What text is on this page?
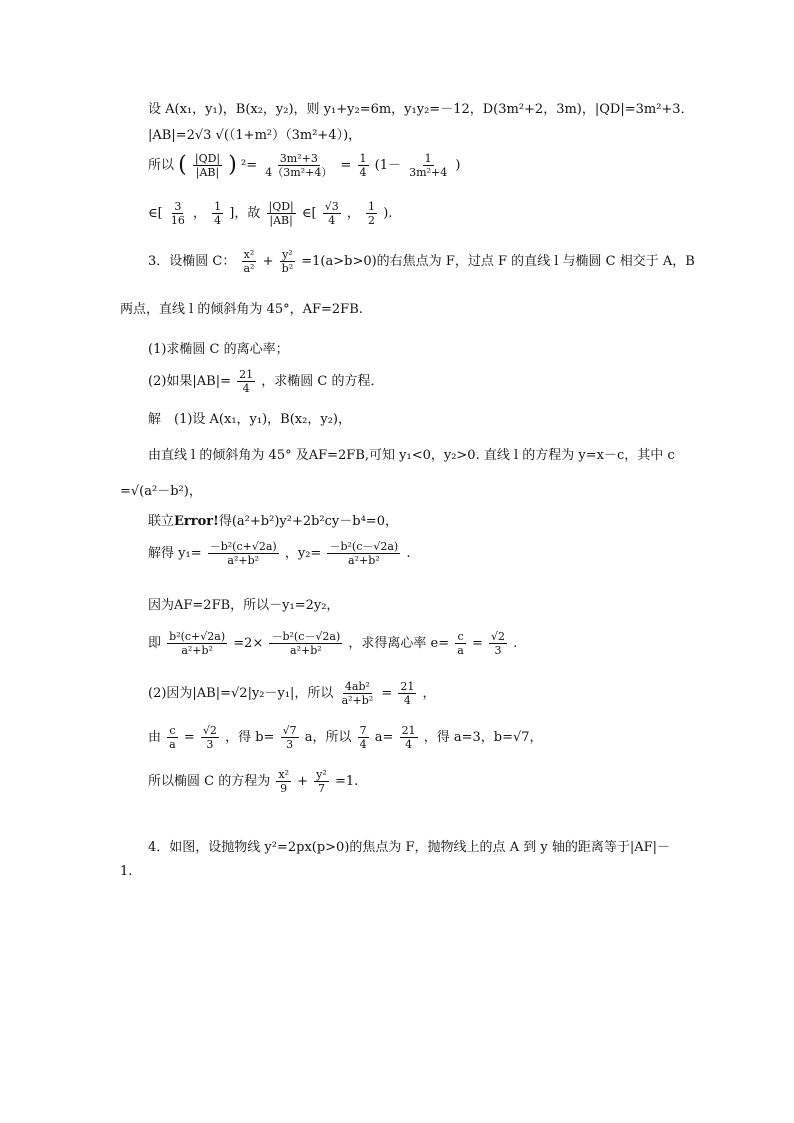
设 A(x₁，y₁)，B(x₂，y₂)，则 y₁+y₂=6m，y₁y₂=－12，D(3m²+2，3m)，|QD|=3m²+3．
|AB|=2√3 √(（1+m²）（3m²+4）)，
所以 ( $\frac{|QD|}{|AB|}$ ) $^2= \frac{\text{3m²+3}}{\text{4（3m²+4）}} = \frac{1}{4} (1- \frac{1}{\text{3m²+4}}$ )
∈[ $\frac{3}{16}$ ， $\frac{1}{4}$ ]，故 $\frac{|QD|}{|AB|}$ ∈[ $\frac{√3}{4}$ ， $\frac{1}{2}$ ).
3．设椭圆 C： $\frac{\text{x²}}{\text{a²}} + \frac{\text{y²}}{\text{b²}} =1(a>b>0)$的右焦点为 F，过点 F 的直线 l 与椭圆 C 相交于 A，B
两点，直线 l 的倾斜角为 45°，AF=2FB.
(1)求椭圆 C 的离心率；
(2)如果$|AB|= \frac{21}{4}$ ，求椭圆 C 的方程．
解　(1)设 A(x₁，y₁)，B(x₂，y₂)，
由直线 l 的倾斜角为 45° 及AF=2FB,可知 y₁<0，y₂>0. 直线 l 的方程为 y=x－c，其中 c
=√(a²－b²)，
联立Error!得(a²+b²)y²+2b²cy－b⁴=0，
解得 $y_1= \frac{\text{－b²(c+√2a)}}{\text{a²+b²}}$ ，$y_2= \frac{\text{－b²(c－√2a)}}{\text{a²+b²}}$ .
因为AF=2FB，所以－y₁=2y₂，
即 $\frac{\text{b²(c+√2a)}}{\text{a²+b²}} =2\times \frac{\text{－b²(c－√2a)}}{\text{a²+b²}}$ ，求得离心率 $e= \frac{c}{a} = \frac{√2}{3}$ .
(2)因为|AB|=√2|y₂－y₁|，所以 $\frac{\text{4ab²}}{\text{a²+b²}} = \frac{21}{4}$ ，
由 $\frac{c}{a} = \frac{√2}{3}$ ，得 $b= \frac{√7}{3}$ a，所以 $\frac{7}{4} a= \frac{21}{4}$ ，得 a=3，b=√7，
所以椭圆 C 的方程为 $\frac{\text{x²}}{9} + \frac{\text{y²}}{7} =1$.
4．如图，设抛物线 y²=2px(p>0)的焦点为 F，抛物线上的点 A 到 y 轴的距离等于|AF|－
1.
